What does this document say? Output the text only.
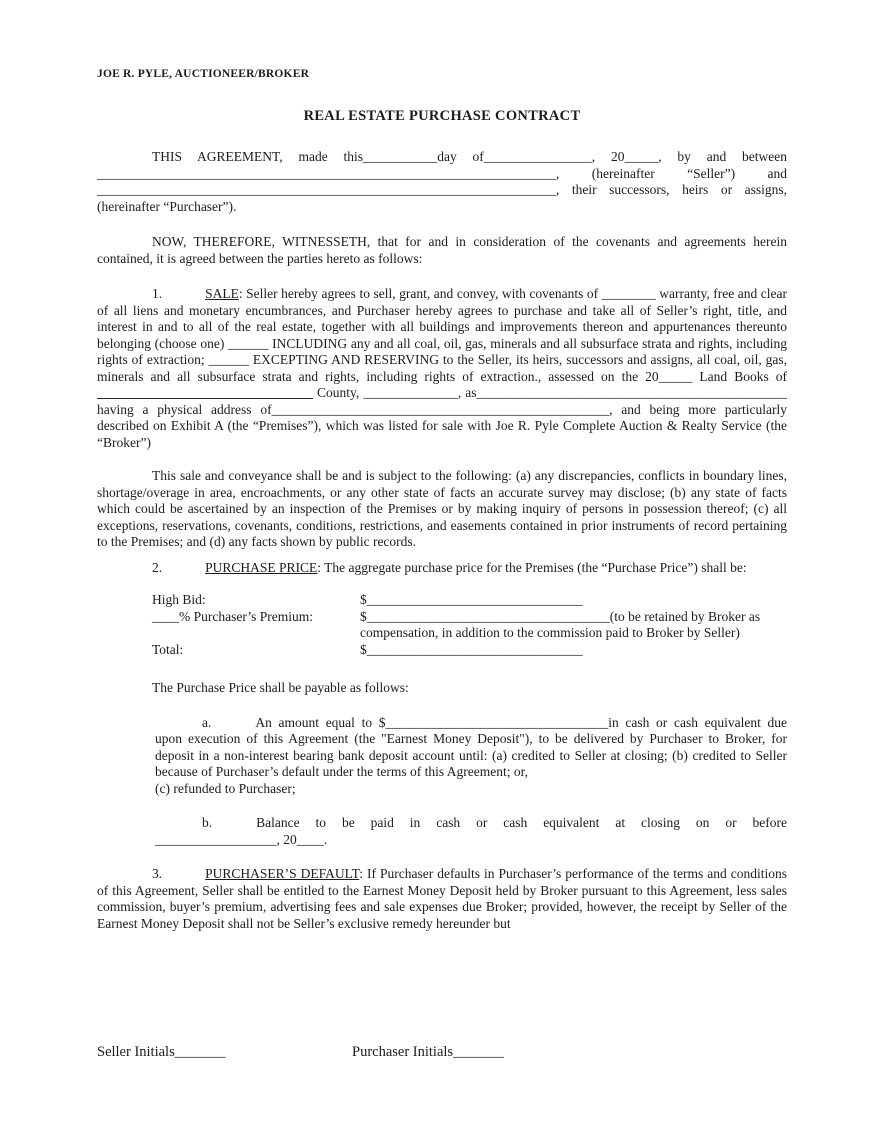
JOE R. PYLE, AUCTIONEER/BROKER
REAL ESTATE PURCHASE CONTRACT

THIS AGREEMENT, made this___________day of________________, 20_____, by and between ____________________________________________________________________, (hereinafter “Seller”) and ____________________________________________________________________, their successors, heirs or assigns, (hereinafter “Purchaser”).

NOW, THEREFORE, WITNESSETH, that for and in consideration of the covenants and agreements herein contained, it is agreed between the parties hereto as follows:

1.	SALE: Seller hereby agrees to sell, grant, and convey, with covenants of ________ warranty, free and clear of all liens and monetary encumbrances, and Purchaser hereby agrees to purchase and take all of Seller’s right, title, and interest in and to all of the real estate, together with all buildings and improvements thereon and appurtenances thereunto belonging (choose one) ______ INCLUDING any and all coal, oil, gas, minerals and all subsurface strata and rights, including rights of extraction; ______ EXCEPTING AND RESERVING to the Seller, its heirs, successors and assigns, all coal, oil, gas, minerals and all subsurface strata and rights, including rights of extraction., assessed on the 20_____ Land Books of ________________________________ County, ______________, as______________________________________________ having a physical address of__________________________________________________, and being more particularly described on Exhibit A (the “Premises”), which was listed for sale with Joe R. Pyle Complete Auction & Realty Service (the “Broker”)

This sale and conveyance shall be and is subject to the following: (a) any discrepancies, conflicts in boundary lines, shortage/overage in area, encroachments, or any other state of facts an accurate survey may disclose; (b) any state of facts which could be ascertained by an inspection of the Premises or by making inquiry of persons in possession thereof; (c) all exceptions, reservations, covenants, conditions, restrictions, and easements contained in prior instruments of record pertaining to the Premises; and (d) any facts shown by public records.

2.	PURCHASE PRICE: The aggregate purchase price for the Premises (the “Purchase Price”) shall be:

High Bid:	$________________________________
____% Purchaser’s Premium:	$____________________________________(to be retained by Broker as compensation, in addition to the commission paid to Broker by Seller)
Total:	$________________________________

The Purchase Price shall be payable as follows:

a.	An amount equal to $_________________________________in cash or cash equivalent due upon execution of this Agreement (the "Earnest Money Deposit"), to be delivered by Purchaser to Broker, for deposit in a non-interest bearing bank deposit account until: (a) credited to Seller at closing; (b) credited to Seller because of Purchaser’s default under the terms of this Agreement; or,

(c) refunded to Purchaser;

b.	Balance to be paid in cash or cash equivalent at closing on or before

__________________, 20____.

3.	PURCHASER’S DEFAULT: If Purchaser defaults in Purchaser’s performance of the terms and conditions of this Agreement, Seller shall be entitled to the Earnest Money Deposit held by Broker pursuant to this Agreement, less sales commission, buyer’s premium, advertising fees and sale expenses due Broker; provided, however, the receipt by Seller of the Earnest Money Deposit shall not be Seller’s exclusive remedy hereunder but

Seller Initials_______	Purchaser Initials_______
